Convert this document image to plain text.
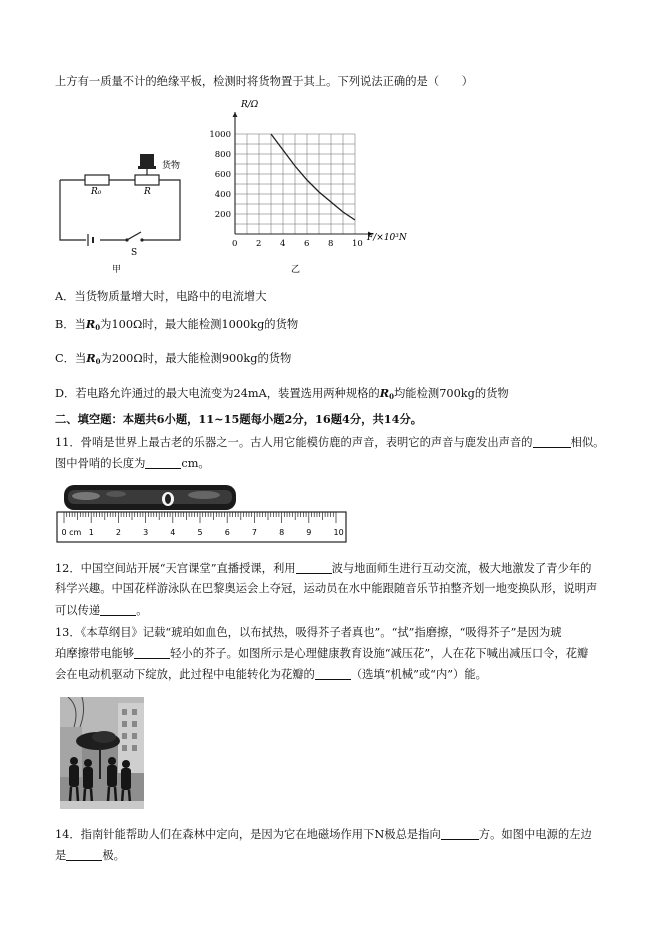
上方有一质量不计的绝缘平板，检测时将货物置于其上。下列说法正确的是（　　）
货物
R₀	R
S
甲
0 2 4 6 8 10
200
400
600
800
1000
R/Ω
F/×10³N
乙
A．当货物质量增大时，电路中的电流增大
B．当$R_0$为100Ω时，最大能检测1000kg的货物
C．当$R_0$为200Ω时，最大能检测900kg的货物
D．若电路允许通过的最大电流变为24mA，装置选用两种规格的$R_0$均能检测700kg的货物
二、填空题：本题共6小题，11~15题每小题2分，16题4分，共14分。
11．骨哨是世界上最古老的乐器之一。古人用它能模仿鹿的声音，表明它的声音与鹿发出声音的	相似。
图中骨哨的长度为	cm。
0 cm 1	2	3	4	5	6	7	8	9	10
12．中国空间站开展“天宫课堂”直播授课，利用	波与地面师生进行互动交流，极大地激发了青少年的
科学兴趣。中国花样游泳队在巴黎奥运会上夺冠，运动员在水中能跟随音乐节拍整齐划一地变换队形，说明声
可以传递	。
13．《本草纲目》记载“琥珀如血色，以布拭热，吸得芥子者真也”。“拭”指磨擦，“吸得芥子”是因为琥
珀摩擦带电能够	轻小的芥子。如图所示是心理健康教育设施“减压花”，人在花下喊出减压口令，花瓣
会在电动机驱动下绽放，此过程中电能转化为花瓣的	（选填“机械”或“内”）能。
14．指南针能帮助人们在森林中定向，是因为它在地磁场作用下N极总是指向	方。如图中电源的左边
是	极。
